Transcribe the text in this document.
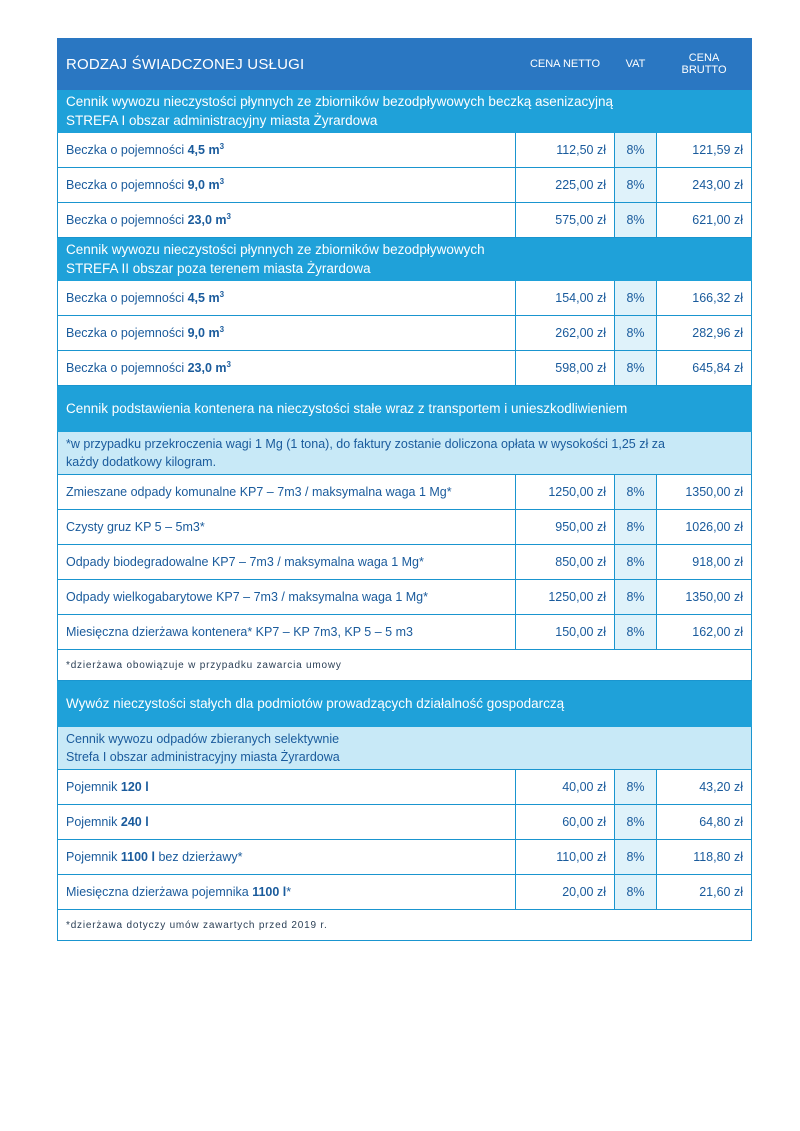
RODZAJ ŚWIADCZONEJ USŁUGI	CENA NETTO	VAT	CENA BRUTTO

Cennik wywozu nieczystości płynnych ze zbiorników bezodpływowych beczką asenizacyjną
STREFA I obszar administracyjny miasta Żyrardowa			

Beczka o pojemności 4,5 $m^3$	112,50 zł	8%	121,59 zł
Beczka o pojemności 9,0 $m^3$	225,00 zł	8%	243,00 zł
Beczka o pojemności 23,0 $m^3$	575,00 zł	8%	621,00 zł

Cennik wywozu nieczystości płynnych ze zbiorników bezodpływowych
STREFA II obszar poza terenem miasta Żyrardowa			

Beczka o pojemności 4,5 $m^3$	154,00 zł	8%	166,32 zł
Beczka o pojemności 9,0 $m^3$	262,00 zł	8%	282,96 zł
Beczka o pojemności 23,0 $m^3$	598,00 zł	8%	645,84 zł
Cennik podstawienia kontenera na nieczystości stałe wraz z transportem i unieszkodliwieniem			

*w przypadku przekroczenia wagi 1 Mg (1 tona), do faktury zostanie doliczona opłata w wysokości 1,25 zł za
każdy dodatkowy kilogram.			

Zmieszane odpady komunalne KP7 – 7m3 / maksymalna waga 1 Mg*	1250,00 zł	8%	1350,00 zł
Czysty gruz KP 5 – 5m3*	950,00 zł	8%	1026,00 zł
Odpady biodegradowalne KP7 – 7m3 / maksymalna waga 1 Mg*	850,00 zł	8%	918,00 zł
Odpady wielkogabarytowe KP7 – 7m3 / maksymalna waga 1 Mg*	1250,00 zł	8%	1350,00 zł
Miesięczna dzierżawa kontenera* KP7 – KP 7m3, KP 5 – 5 m3	150,00 zł	8%	162,00 zł
*dzierżawa obowiązuje w przypadku zawarcia umowy			
Wywóz nieczystości stałych dla podmiotów prowadzących działalność gospodarczą			

Cennik wywozu odpadów zbieranych selektywnie
Strefa I obszar administracyjny miasta Żyrardowa			

Pojemnik 120 l	40,00 zł	8%	43,20 zł
Pojemnik 240 l	60,00 zł	8%	64,80 zł
Pojemnik 1100 l bez dzierżawy*	110,00 zł	8%	118,80 zł
Miesięczna dzierżawa pojemnika 1100 l*	20,00 zł	8%	21,60 zł
*dzierżawa dotyczy umów zawartych przed 2019 r.			
